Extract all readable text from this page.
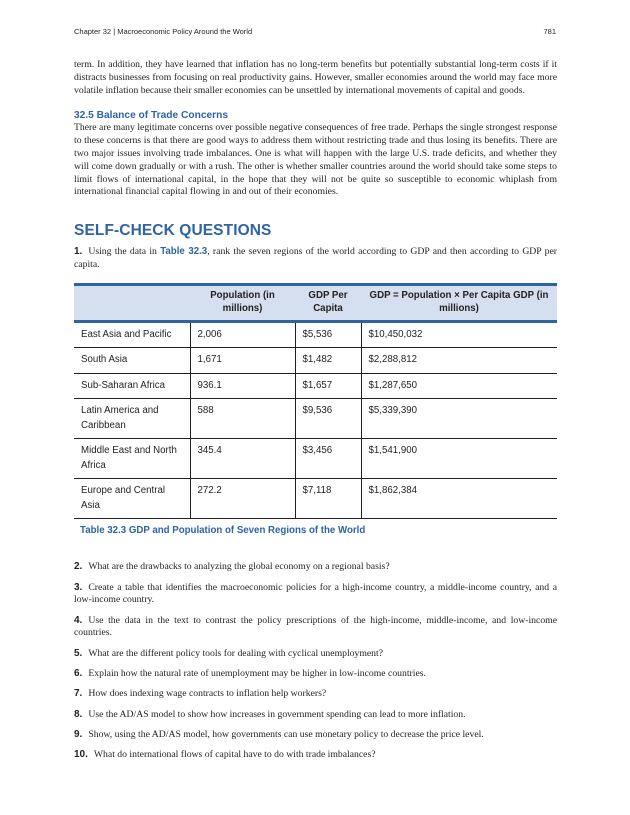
Chapter 32 | Macroeconomic Policy Around the World	781

term. In addition, they have learned that inflation has no long-term benefits but potentially substantial long-term costs if it distracts businesses from focusing on real productivity gains. However, smaller economies around the world may face more volatile inflation because their smaller economies can be unsettled by international movements of capital and goods.

32.5 Balance of Trade Concerns

There are many legitimate concerns over possible negative consequences of free trade. Perhaps the single strongest response to these concerns is that there are good ways to address them without restricting trade and thus losing its benefits. There are two major issues involving trade imbalances. One is what will happen with the large U.S. trade deficits, and whether they will come down gradually or with a rush. The other is whether smaller countries around the world should take some steps to limit flows of international capital, in the hope that they will not be quite so susceptible to economic whiplash from international financial capital flowing in and out of their economies.

SELF-CHECK QUESTIONS
1. Using the data in Table 32.3, rank the seven regions of the world according to GDP and then according to GDP per capita.
	Population (in millions)	GDP Per Capita	GDP = Population × Per Capita GDP (in millions)
East Asia and Pacific	2,006	$5,536	$10,450,032
South Asia	1,671	$1,482	$2,288,812
Sub-Saharan Africa	936.1	$1,657	$1,287,650
Latin America and Caribbean	588	$9,536	$5,339,390
Middle East and North Africa	345.4	$3,456	$1,541,900
Europe and Central Asia	272.2	$7,118	$1,862,384
Table 32.3 GDP and Population of Seven Regions of the World
2. What are the drawbacks to analyzing the global economy on a regional basis?
3. Create a table that identifies the macroeconomic policies for a high-income country, a middle-income country, and a low-income country.
4. Use the data in the text to contrast the policy prescriptions of the high-income, middle-income, and low-income countries.
5. What are the different policy tools for dealing with cyclical unemployment?
6. Explain how the natural rate of unemployment may be higher in low-income countries.
7. How does indexing wage contracts to inflation help workers?
8. Use the AD/AS model to show how increases in government spending can lead to more inflation.
9. Show, using the AD/AS model, how governments can use monetary policy to decrease the price level.
10. What do international flows of capital have to do with trade imbalances?
